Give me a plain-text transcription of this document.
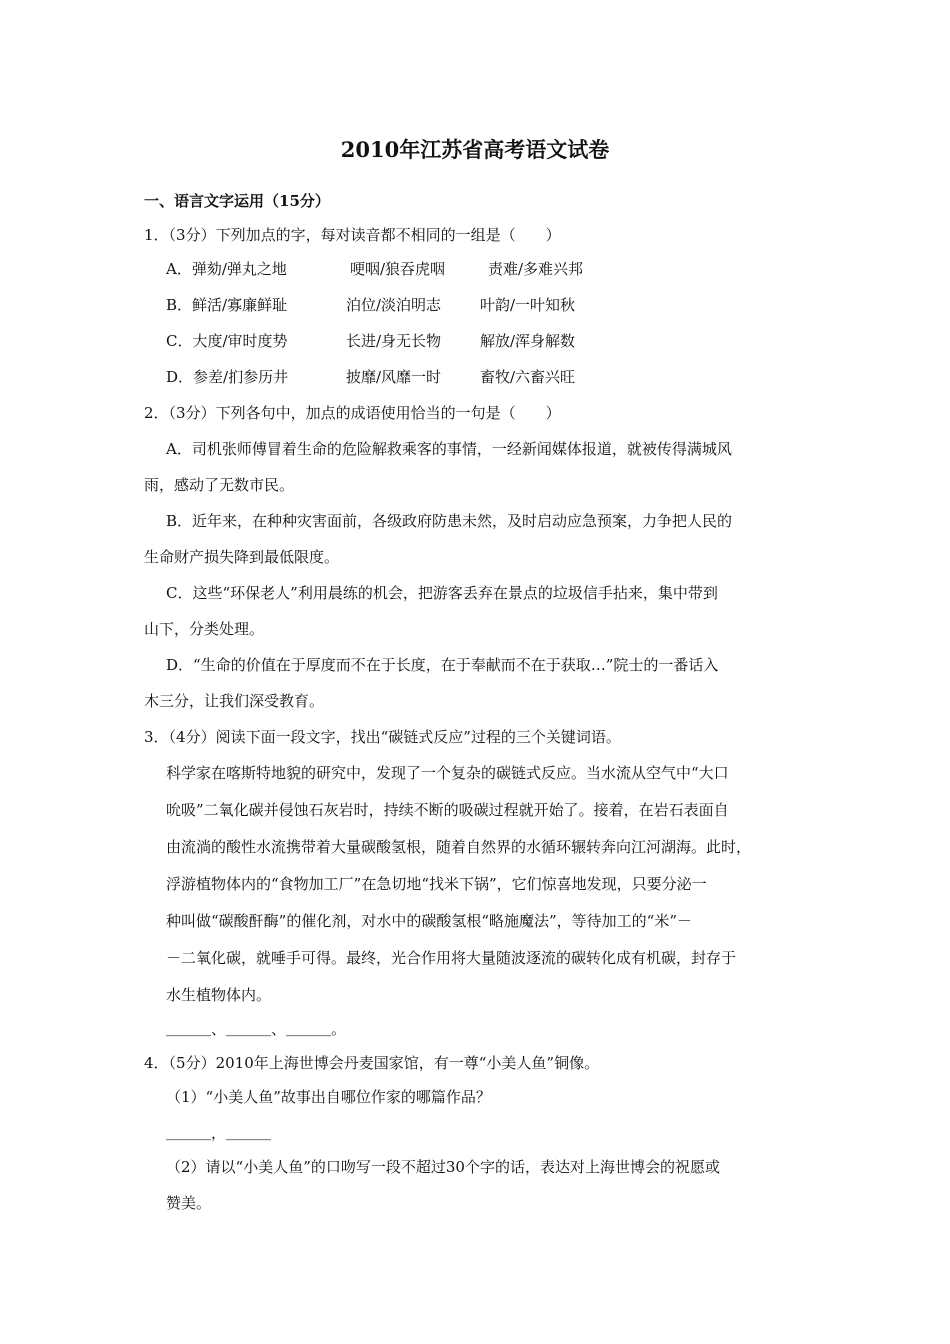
2010年江苏省高考语文试卷
一、语言文字运用（15分）
1．（3分）下列加点的字，每对读音都不相同的一组是（　　）
A．弹劾/弹丸之地	哽咽/狼吞虎咽	责难/多难兴邦
B．鲜活/寡廉鲜耻	泊位/淡泊明志	叶韵/一叶知秋
C．大度/审时度势	长进/身无长物	解放/浑身解数
D．参差/扪参历井	披靡/风靡一时	畜牧/六畜兴旺
2．（3分）下列各句中，加点的成语使用恰当的一句是（　　）
A．司机张师傅冒着生命的危险解救乘客的事情，一经新闻媒体报道，就被传得满城风
雨，感动了无数市民。
B．近年来，在种种灾害面前，各级政府防患未然，及时启动应急预案，力争把人民的
生命财产损失降到最低限度。
C．这些“环保老人”利用晨练的机会，把游客丢弃在景点的垃圾信手拈来，集中带到
山下，分类处理。
D．“生命的价值在于厚度而不在于长度，在于奉献而不在于获取…”院士的一番话入
木三分，让我们深受教育。
3．（4分）阅读下面一段文字，找出“碳链式反应”过程的三个关键词语。
科学家在喀斯特地貌的研究中，发现了一个复杂的碳链式反应。当水流从空气中“大口
吮吸”二氧化碳并侵蚀石灰岩时，持续不断的吸碳过程就开始了。接着，在岩石表面自
由流淌的酸性水流携带着大量碳酸氢根，随着自然界的水循环辗转奔向江河湖海。此时，
浮游植物体内的“食物加工厂”在急切地“找米下锅”，它们惊喜地发现，只要分泌一
种叫做“碳酸酐酶”的催化剂，对水中的碳酸氢根“略施魔法”，等待加工的“米”－
－二氧化碳，就唾手可得。最终，光合作用将大量随波逐流的碳转化成有机碳，封存于
水生植物体内。
＿＿＿、＿＿＿、＿＿＿。
4．（5分）2010年上海世博会丹麦国家馆，有一尊“小美人鱼”铜像。
（1）“小美人鱼”故事出自哪位作家的哪篇作品？
＿＿＿，＿＿＿
（2）请以“小美人鱼”的口吻写一段不超过30个字的话，表达对上海世博会的祝愿或
赞美。
